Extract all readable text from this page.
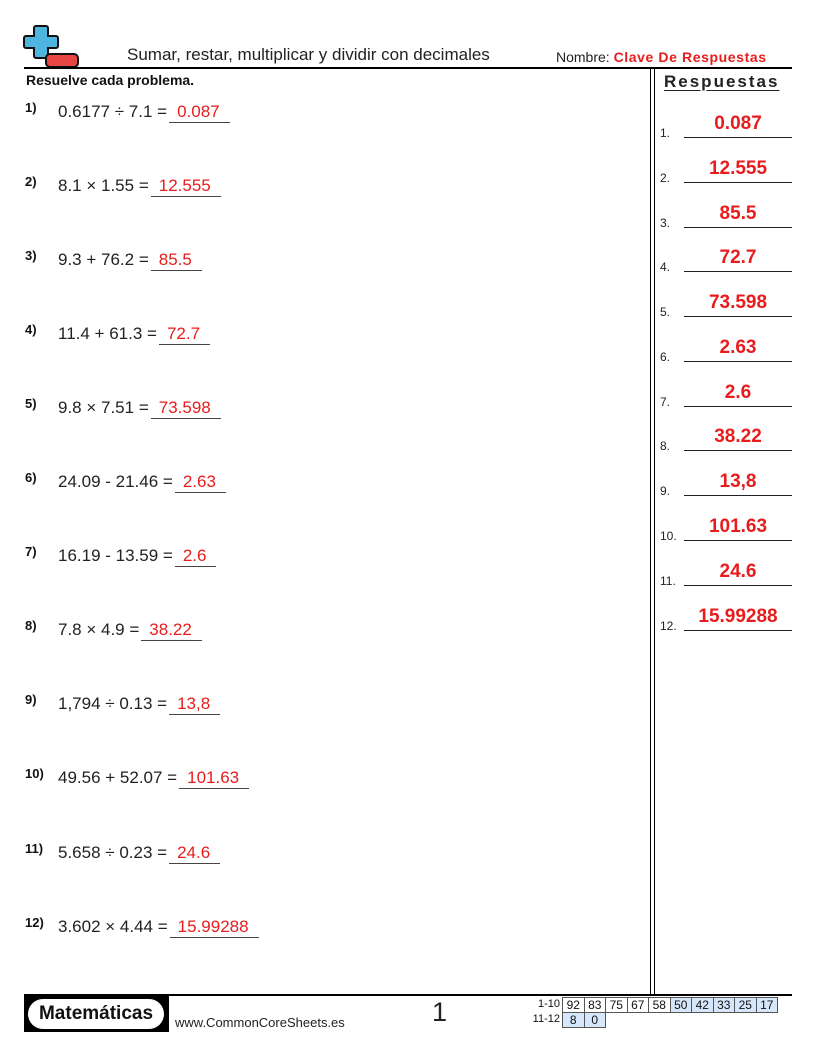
Sumar, restar, multiplicar y dividir con decimales	Nombre: Clave De Respuestas
Resuelve cada problema.
1) 0.6177 ÷ 7.1 = 0.087
2) 8.1 × 1.55 = 12.555
3) 9.3 + 76.2 = 85.5
4) 11.4 + 61.3 = 72.7
5) 9.8 × 7.51 = 73.598
6) 24.09 - 21.46 = 2.63
7) 16.19 - 13.59 = 2.6
8) 7.8 × 4.9 = 38.22
9) 1,794 ÷ 0.13 = 13,8
10) 49.56 + 52.07 = 101.63
11) 5.658 ÷ 0.23 = 24.6
12) 3.602 × 4.44 = 15.99288
Respuestas
1.	0.087
2.	12.555
3.	85.5
4.	72.7
5.	73.598
6.	2.63
7.	2.6
8.	38.22
9.	13,8
10.	101.63
11.	24.6
12.	15.99288
Matemáticas	www.CommonCoreSheets.es	1	1-10 92 83 75 67 58 50 42 33 25 17
11-12 8	0
